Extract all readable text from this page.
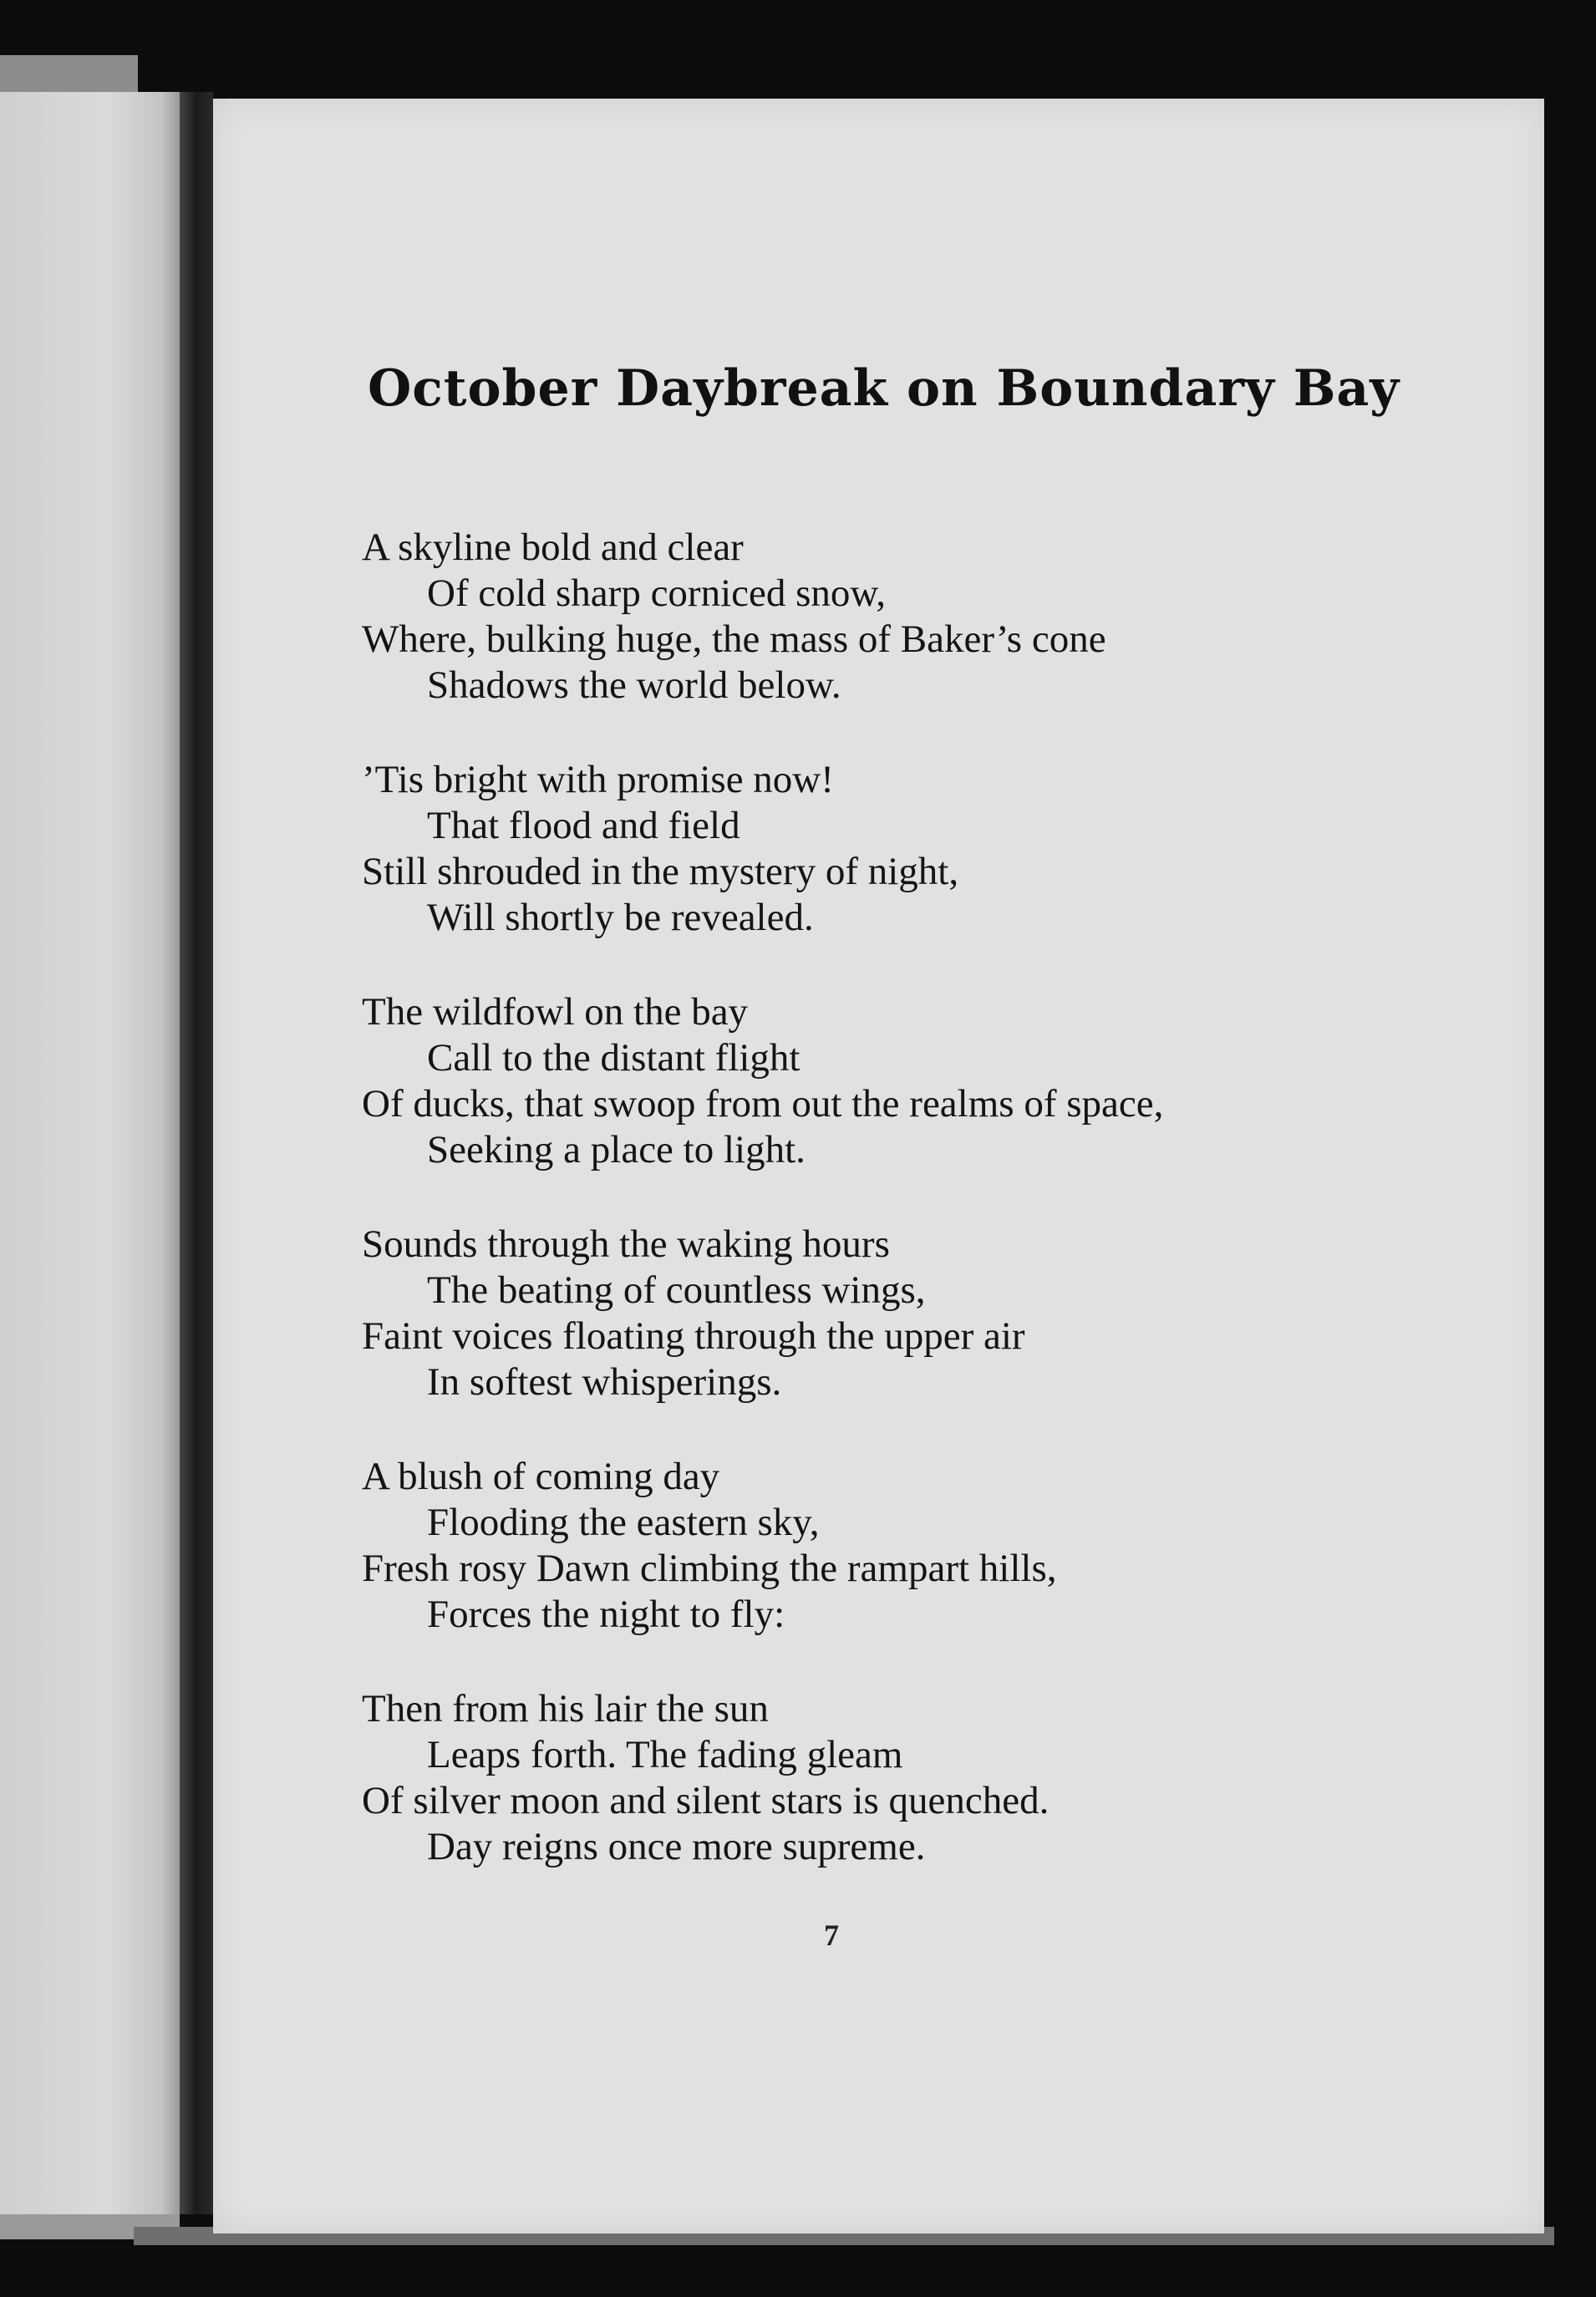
October Daybreak on Boundary Bay
A skyline bold and clear
Of cold sharp corniced snow,
Where, bulking huge, the mass of Baker’s cone
Shadows the world below.
’Tis bright with promise now!
That flood and field
Still shrouded in the mystery of night,
Will shortly be revealed.
The wildfowl on the bay
Call to the distant flight
Of ducks, that swoop from out the realms of space,
Seeking a place to light.
Sounds through the waking hours
The beating of countless wings,
Faint voices floating through the upper air
In softest whisperings.
A blush of coming day
Flooding the eastern sky,
Fresh rosy Dawn climbing the rampart hills,
Forces the night to fly:
Then from his lair the sun
Leaps forth. The fading gleam
Of silver moon and silent stars is quenched.
Day reigns once more supreme.
7
